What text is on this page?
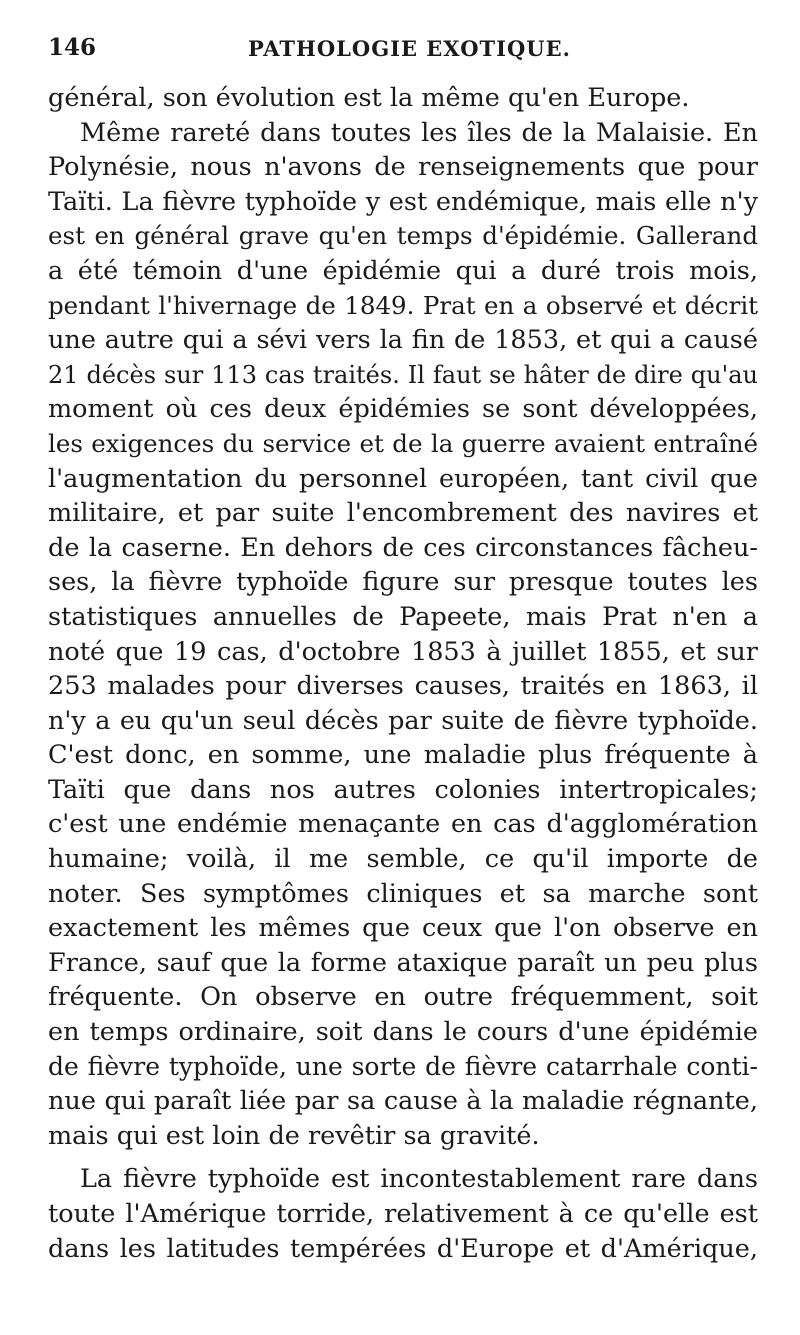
146	PATHOLOGIE EXOTIQUE.
général, son évolution est la même qu'en Europe.
Même rareté dans toutes les îles de la Malaisie. En
Polynésie, nous n'avons de renseignements que pour
Taïti. La fièvre typhoïde y est endémique, mais elle n'y
est en général grave qu'en temps d'épidémie. Gallerand
a été témoin d'une épidémie qui a duré trois mois,
pendant l'hivernage de 1849. Prat en a observé et décrit
une autre qui a sévi vers la fin de 1853, et qui a causé
21 décès sur 113 cas traités. Il faut se hâter de dire qu'au
moment où ces deux épidémies se sont développées,
les exigences du service et de la guerre avaient entraîné
l'augmentation du personnel européen, tant civil que
militaire, et par suite l'encombrement des navires et
de la caserne. En dehors de ces circonstances fâcheu-
ses, la fièvre typhoïde figure sur presque toutes les
statistiques annuelles de Papeete, mais Prat n'en a
noté que 19 cas, d'octobre 1853 à juillet 1855, et sur
253 malades pour diverses causes, traités en 1863, il
n'y a eu qu'un seul décès par suite de fièvre typhoïde.
C'est donc, en somme, une maladie plus fréquente à
Taïti que dans nos autres colonies intertropicales;
c'est une endémie menaçante en cas d'agglomération
humaine; voilà, il me semble, ce qu'il importe de
noter. Ses symptômes cliniques et sa marche sont
exactement les mêmes que ceux que l'on observe en
France, sauf que la forme ataxique paraît un peu plus
fréquente. On observe en outre fréquemment, soit
en temps ordinaire, soit dans le cours d'une épidémie
de fièvre typhoïde, une sorte de fièvre catarrhale conti-
nue qui paraît liée par sa cause à la maladie régnante,
mais qui est loin de revêtir sa gravité.
La fièvre typhoïde est incontestablement rare dans
toute l'Amérique torride, relativement à ce qu'elle est
dans les latitudes tempérées d'Europe et d'Amérique,
